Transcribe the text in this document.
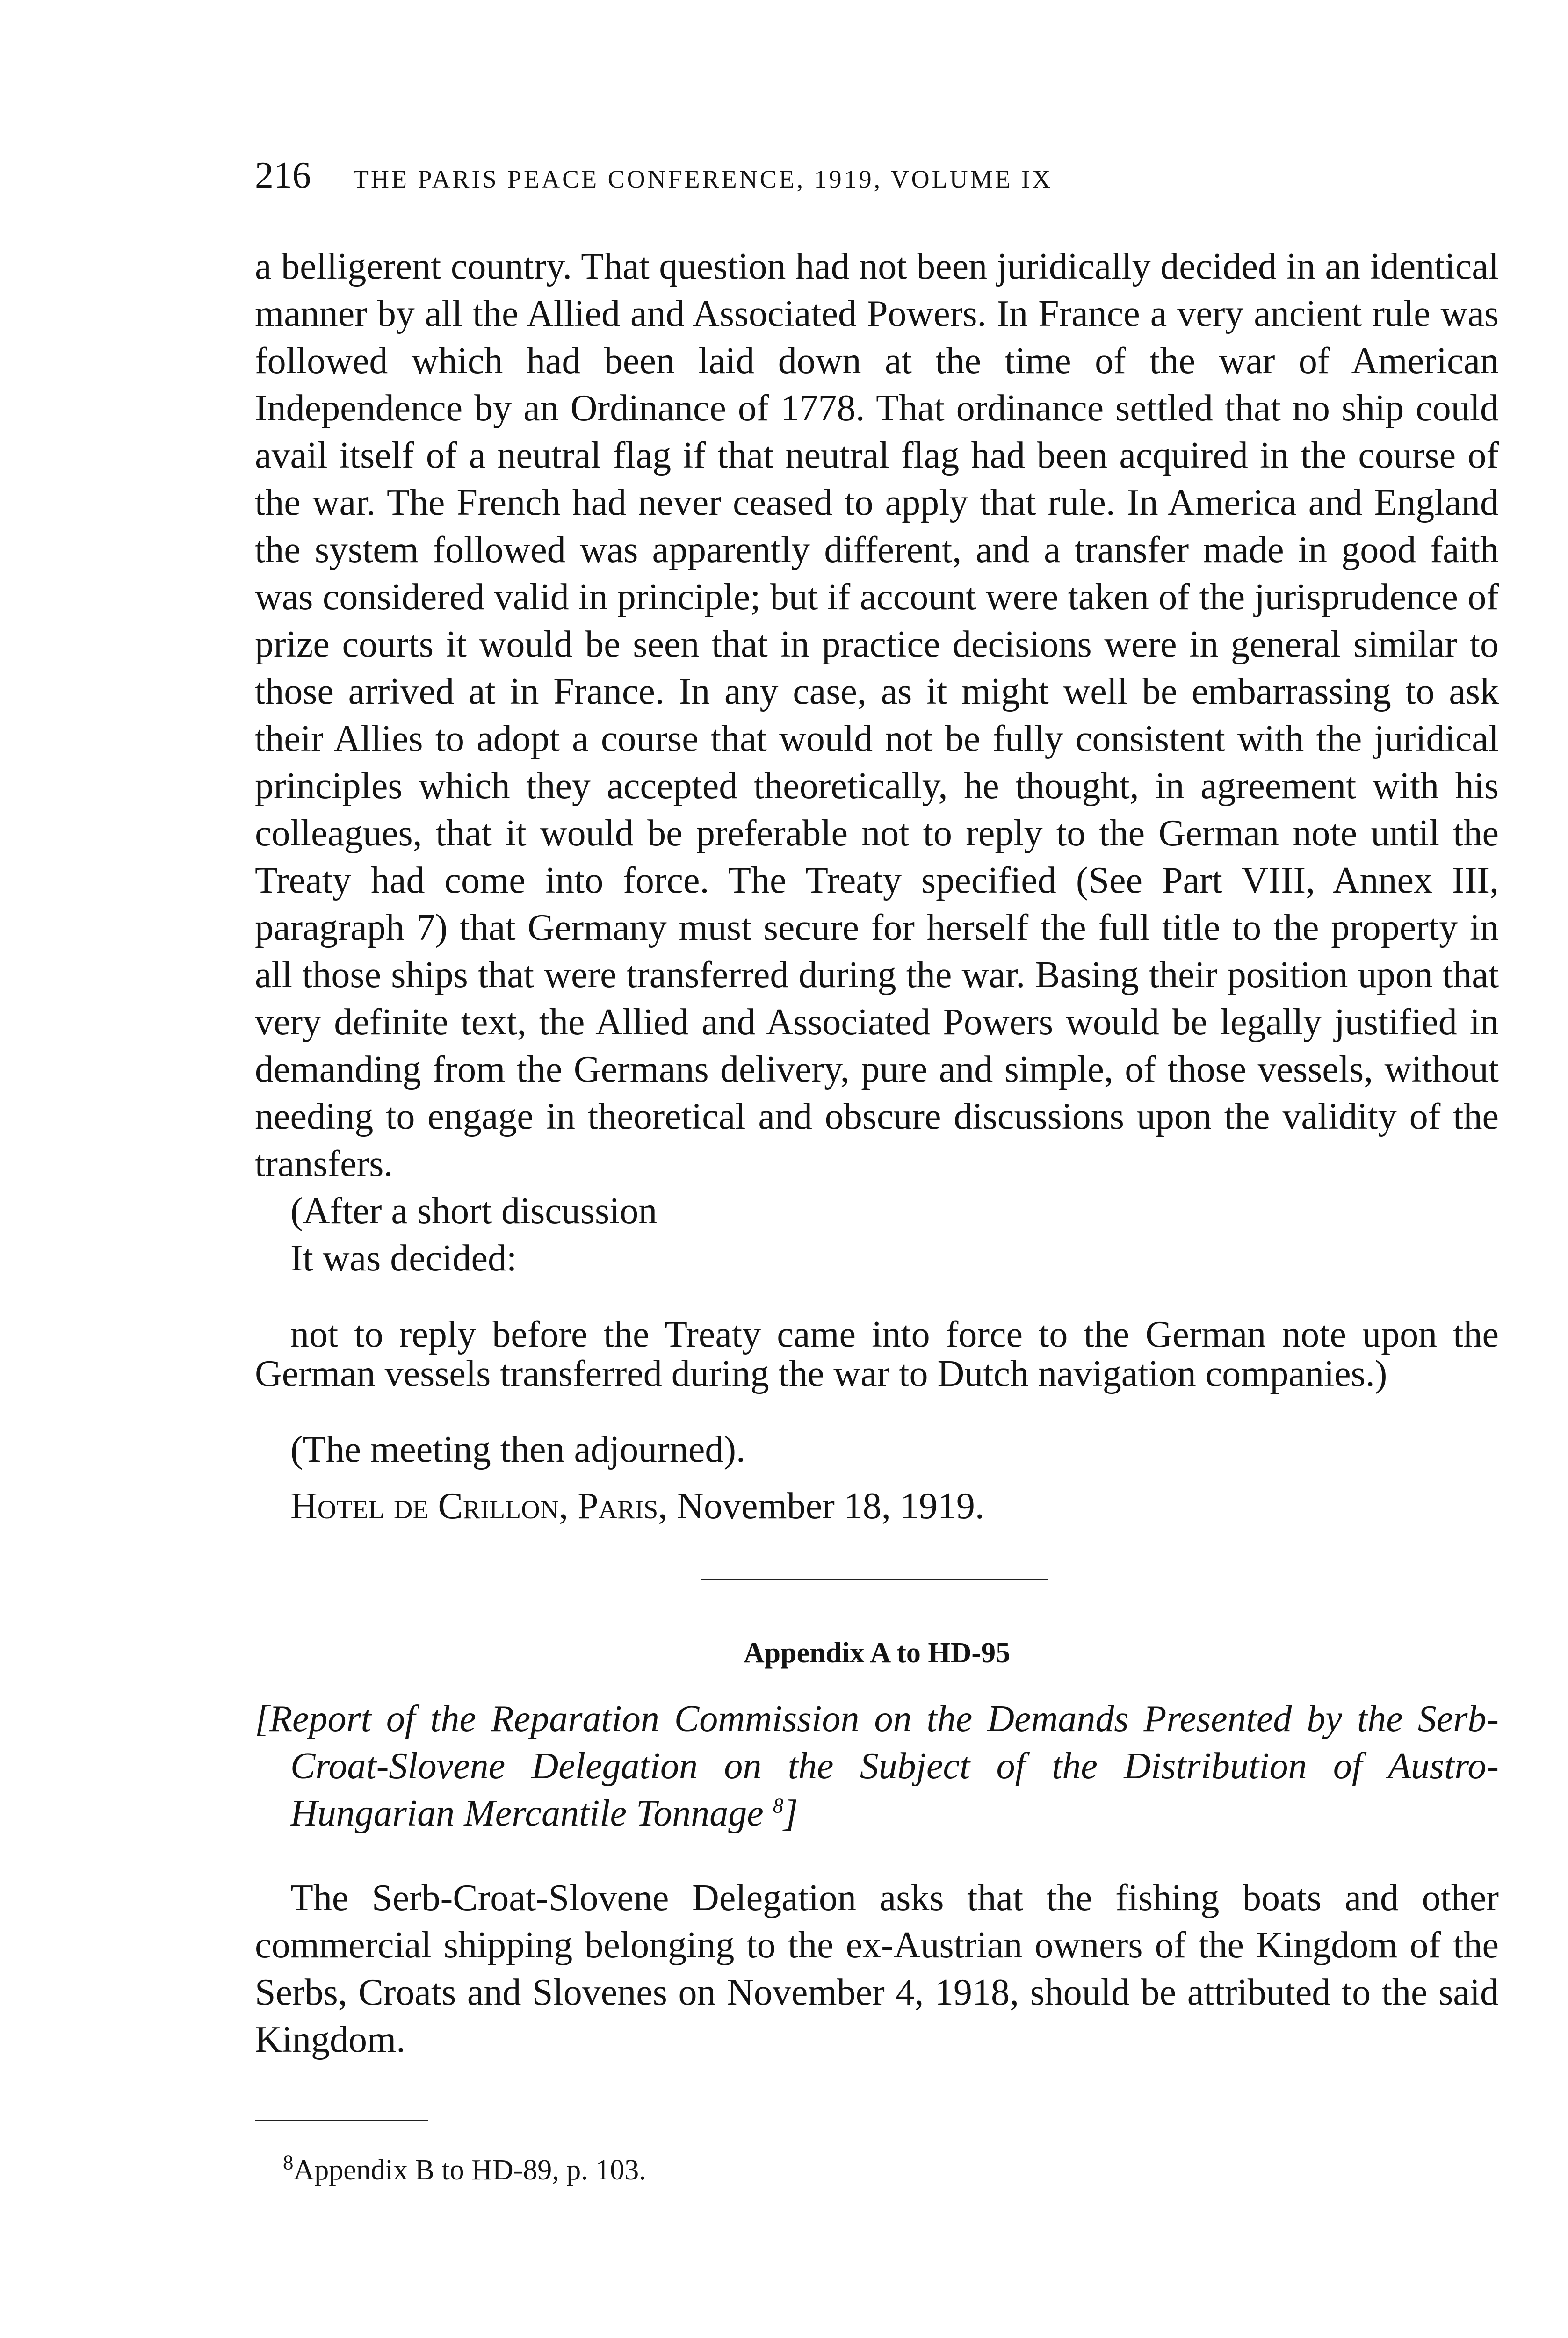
216	THE PARIS PEACE CONFERENCE, 1919, VOLUME IX

a belligerent country. That question had not been juridically decided in an identical manner by all the Allied and Associated Powers. In France a very ancient rule was followed which had been laid down at the time of the war of American Independence by an Ordinance of 1778. That ordinance settled that no ship could avail itself of a neutral flag if that neutral flag had been acquired in the course of the war. The French had never ceased to apply that rule. In America and England the system followed was apparently different, and a transfer made in good faith was considered valid in principle; but if account were taken of the jurisprudence of prize courts it would be seen that in practice decisions were in general similar to those arrived at in France. In any case, as it might well be embarrassing to ask their Allies to adopt a course that would not be fully consistent with the juridical principles which they accepted theoretically, he thought, in agreement with his colleagues, that it would be preferable not to reply to the German note until the Treaty had come into force. The Treaty specified (See Part VIII, Annex III, paragraph 7) that Germany must secure for herself the full title to the property in all those ships that were transferred during the war. Basing their position upon that very definite text, the Allied and Associated Powers would be legally justified in demanding from the Germans delivery, pure and simple, of those vessels, without needing to engage in theoretical and obscure discussions upon the validity of the transfers.

(After a short discussion

It was decided:

not to reply before the Treaty came into force to the German note upon the German vessels transferred during the war to Dutch navigation companies.)

(The meeting then adjourned).

Hotel de Crillon, Paris, November 18, 1919.

Appendix A to HD-95

[Report of the Reparation Commission on the Demands Presented by the Serb-Croat-Slovene Delegation on the Subject of the Distribution of Austro-Hungarian Mercantile Tonnage $^8$]

The Serb-Croat-Slovene Delegation asks that the fishing boats and other commercial shipping belonging to the ex-Austrian owners of the Kingdom of the Serbs, Croats and Slovenes on November 4, 1918, should be attributed to the said Kingdom.

$^8$Appendix B to HD-89, p. 103.
